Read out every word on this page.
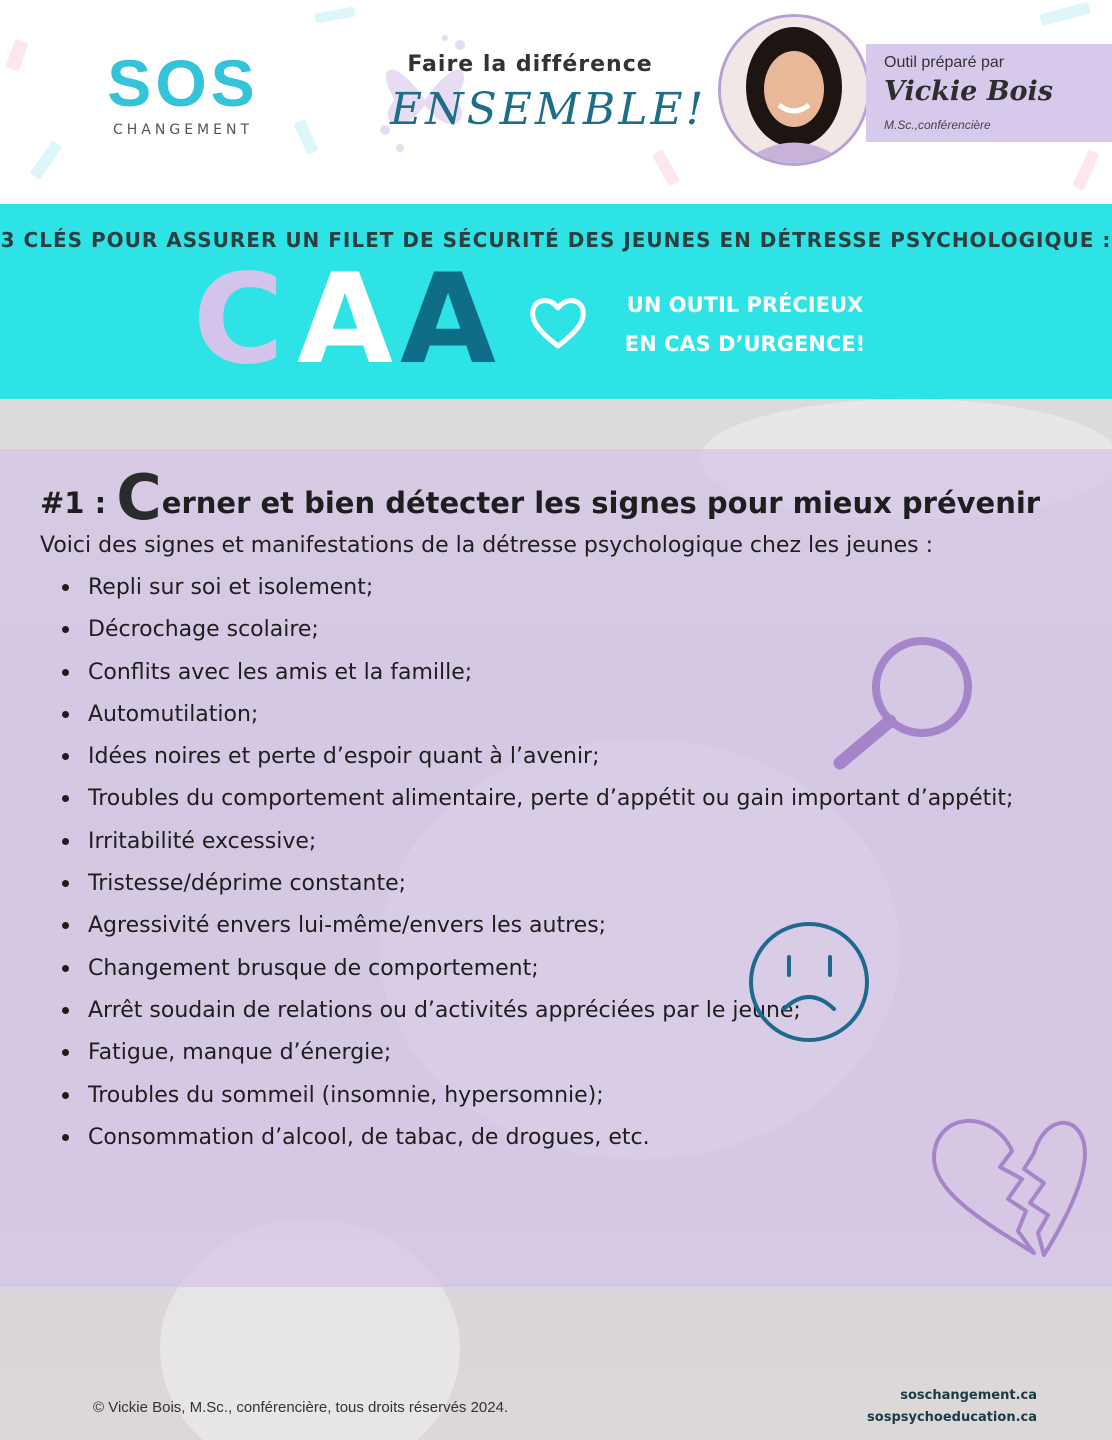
SOS
CHANGEMENT
Faire la différence
ENSEMBLE!
Outil préparé par
Vickie Bois
M.Sc.,conférencière
3 CLÉS POUR ASSURER UN FILET DE SÉCURITÉ DES JEUNES EN DÉTRESSE PSYCHOLOGIQUE :
C A A	UN OUTIL PRÉCIEUX
EN CAS D’URGENCE!
#1 : Cerner et bien détecter les signes pour mieux prévenir
Voici des signes et manifestations de la détresse psychologique chez les jeunes :
Repli sur soi et isolement;
Décrochage scolaire;
Conflits avec les amis et la famille;
Automutilation;
Idées noires et perte d’espoir quant à l’avenir;
Troubles du comportement alimentaire, perte d’appétit ou gain important d’appétit;
Irritabilité excessive;
Tristesse/déprime constante;
Agressivité envers lui-même/envers les autres;
Changement brusque de comportement;
Arrêt soudain de relations ou d’activités appréciées par le jeune;
Fatigue, manque d’énergie;
Troubles du sommeil (insomnie, hypersomnie);
Consommation d’alcool, de tabac, de drogues, etc.
© Vickie Bois, M.Sc., conférencière, tous droits réservés 2024.
soschangement.ca
sospsychoeducation.ca
